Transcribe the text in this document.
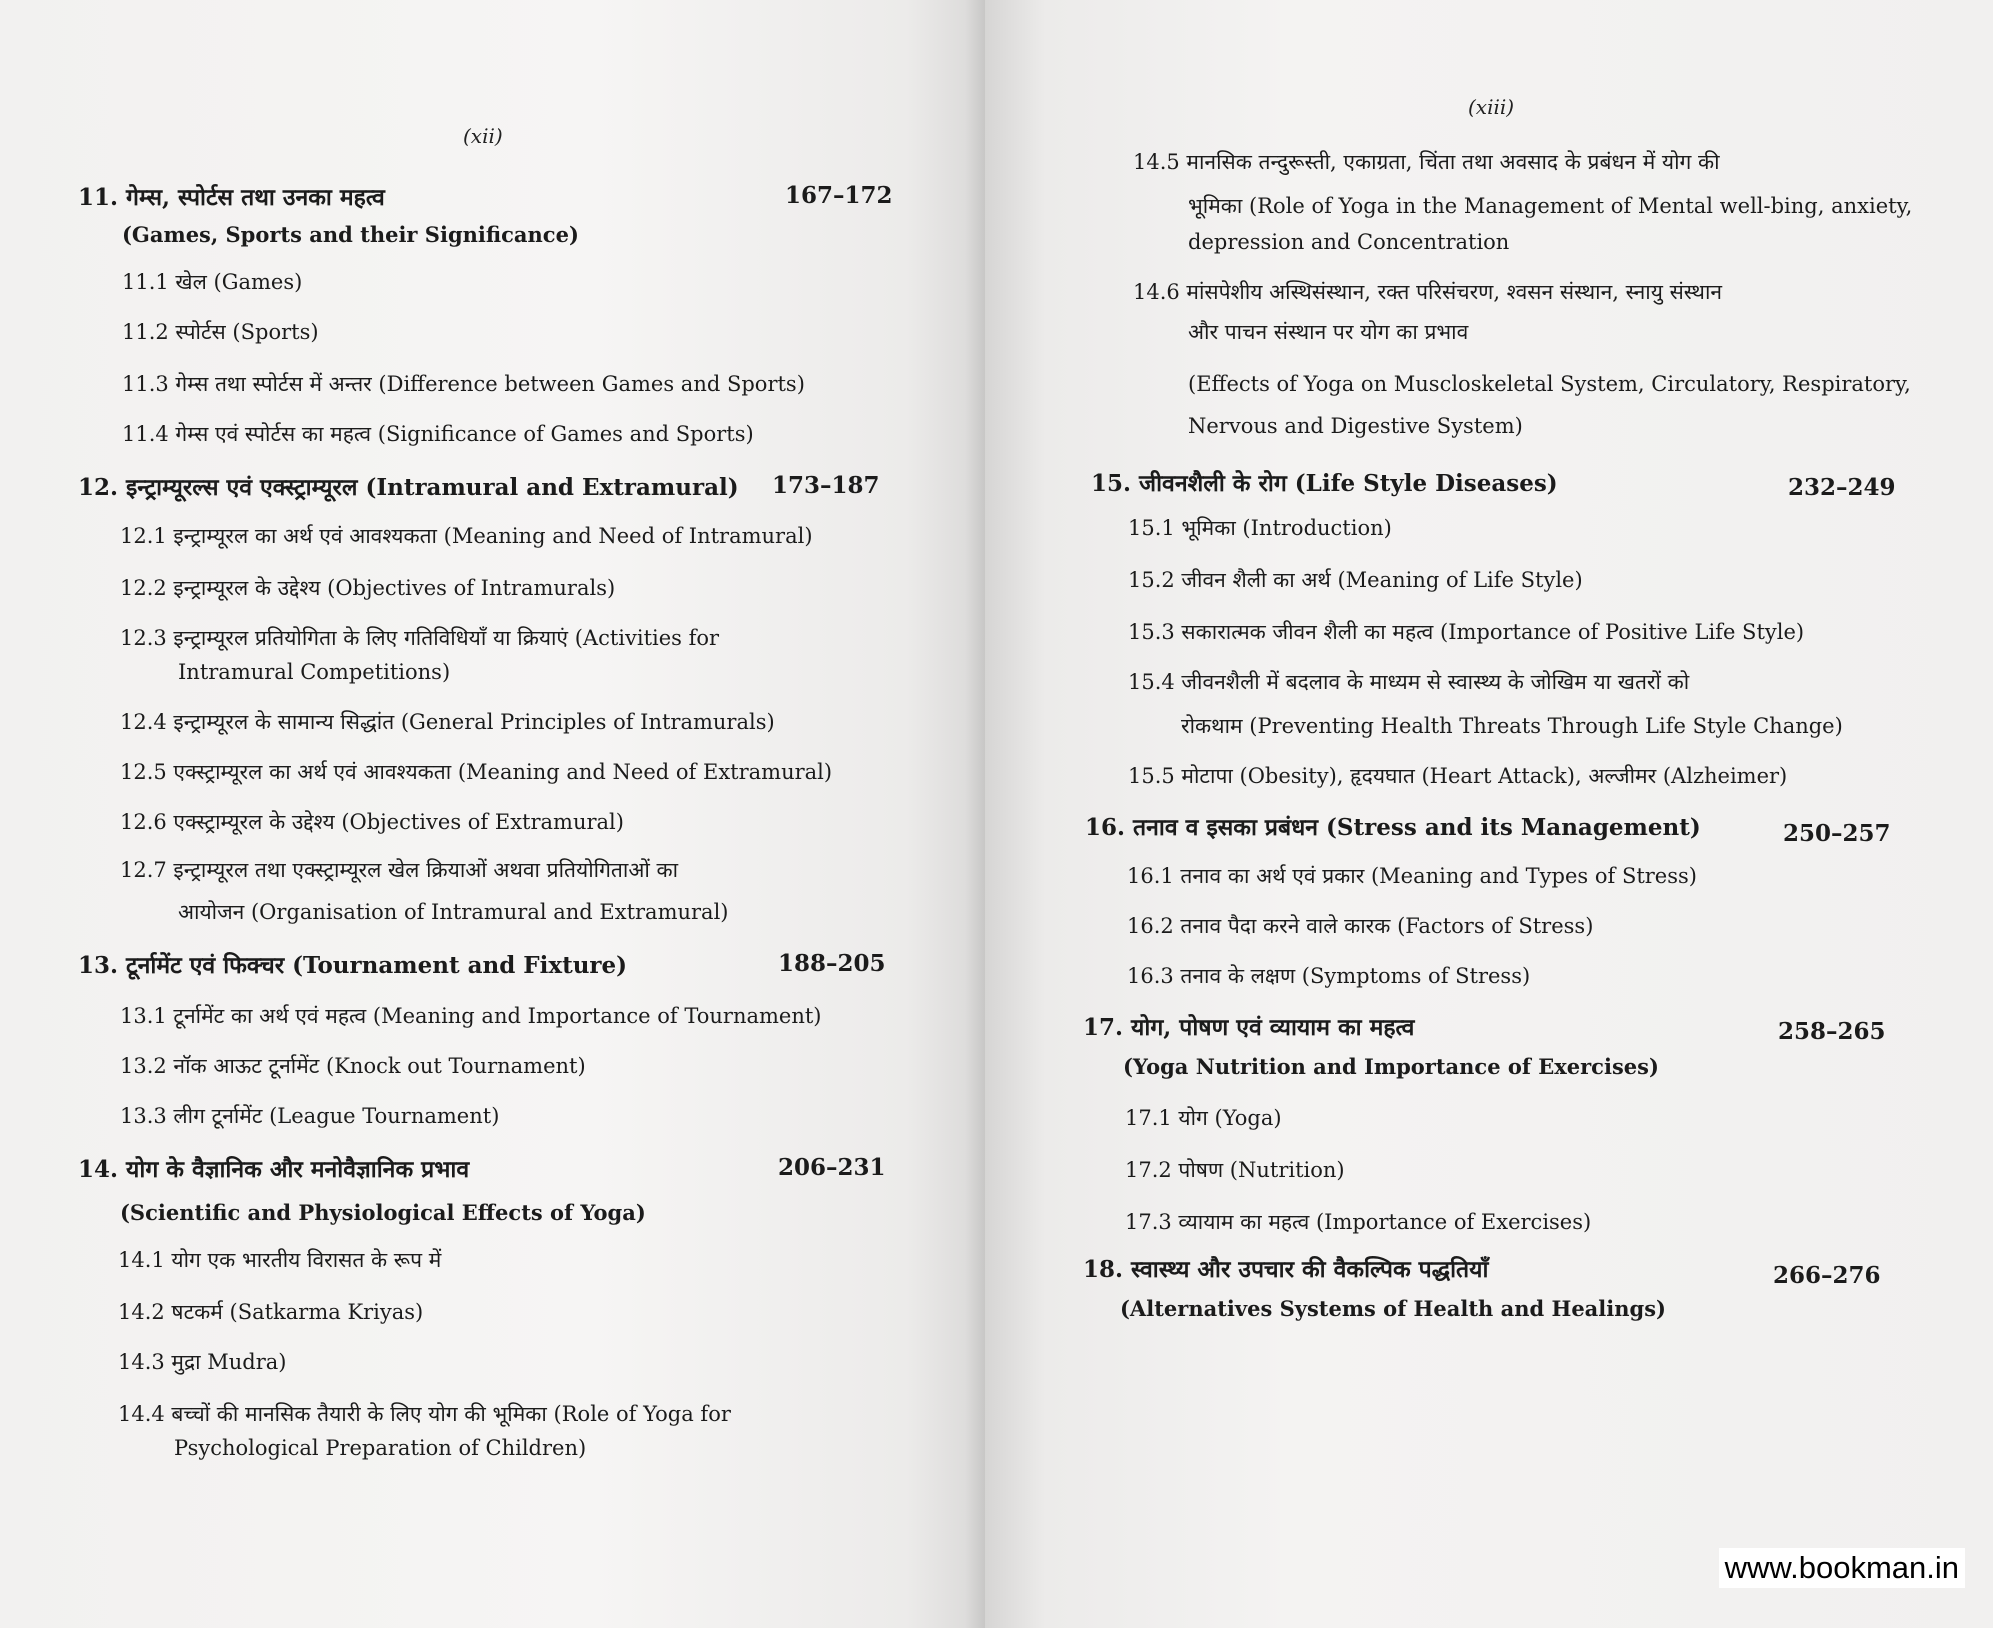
(xii)
11. गेम्स, स्पोर्टस तथा उनका महत्व	167–172
(Games, Sports and their Significance)
11.1 खेल (Games)
11.2 स्पोर्टस (Sports)
11.3 गेम्स तथा स्पोर्टस में अन्तर (Difference between Games and Sports)
11.4 गेम्स एवं स्पोर्टस का महत्व (Significance of Games and Sports)
12. इन्ट्राम्यूरल्स एवं एक्स्ट्राम्यूरल (Intramural and Extramural) 173–187
12.1 इन्ट्राम्यूरल का अर्थ एवं आवश्यकता (Meaning and Need of Intramural)
12.2 इन्ट्राम्यूरल के उद्देश्य (Objectives of Intramurals)
12.3 इन्ट्राम्यूरल प्रतियोगिता के लिए गतिविधियाँ या क्रियाएं (Activities for
Intramural Competitions)
12.4 इन्ट्राम्यूरल के सामान्य सिद्धांत (General Principles of Intramurals)
12.5 एक्स्ट्राम्यूरल का अर्थ एवं आवश्यकता (Meaning and Need of Extramural)
12.6 एक्स्ट्राम्यूरल के उद्देश्य (Objectives of Extramural)
12.7 इन्ट्राम्यूरल तथा एक्स्ट्राम्यूरल खेल क्रियाओं अथवा प्रतियोगिताओं का
आयोजन (Organisation of Intramural and Extramural)
13. टूर्नामेंट एवं फिक्चर (Tournament and Fixture)	188–205
13.1 टूर्नामेंट का अर्थ एवं महत्व (Meaning and Importance of Tournament)
13.2 नॉक आऊट टूर्नामेंट (Knock out Tournament)
13.3 लीग टूर्नामेंट (League Tournament)
14. योग के वैज्ञानिक और मनोवैज्ञानिक प्रभाव	206–231
(Scientific and Physiological Effects of Yoga)
14.1 योग एक भारतीय विरासत के रूप में
14.2 षटकर्म (Satkarma Kriyas)
14.3 मुद्रा Mudra)
14.4 बच्चों की मानसिक तैयारी के लिए योग की भूमिका (Role of Yoga for
Psychological Preparation of Children)
(xiii)
14.5 मानसिक तन्दुरूस्ती, एकाग्रता, चिंता तथा अवसाद के प्रबंधन में योग की
भूमिका (Role of Yoga in the Management of Mental well-bing, anxiety,
depression and Concentration
14.6 मांसपेशीय अस्थिसंस्थान, रक्त परिसंचरण, श्वसन संस्थान, स्नायु संस्थान
और पाचन संस्थान पर योग का प्रभाव
(Effects of Yoga on Muscloskeletal System, Circulatory, Respiratory,
Nervous and Digestive System)
15. जीवनशैली के रोग (Life Style Diseases)	232–249
15.1 भूमिका (Introduction)
15.2 जीवन शैली का अर्थ (Meaning of Life Style)
15.3 सकारात्मक जीवन शैली का महत्व (Importance of Positive Life Style)
15.4 जीवनशैली में बदलाव के माध्यम से स्वास्थ्य के जोखिम या खतरों को
रोकथाम (Preventing Health Threats Through Life Style Change)
15.5 मोटापा (Obesity), हृदयघात (Heart Attack), अल्जीमर (Alzheimer)
16. तनाव व इसका प्रबंधन (Stress and its Management)	250–257
16.1 तनाव का अर्थ एवं प्रकार (Meaning and Types of Stress)
16.2 तनाव पैदा करने वाले कारक (Factors of Stress)
16.3 तनाव के लक्षण (Symptoms of Stress)
17. योग, पोषण एवं व्यायाम का महत्व	258–265
(Yoga Nutrition and Importance of Exercises)
17.1 योग (Yoga)
17.2 पोषण (Nutrition)
17.3 व्यायाम का महत्व (Importance of Exercises)
18. स्वास्थ्य और उपचार की वैकल्पिक पद्धतियाँ	266–276
(Alternatives Systems of Health and Healings)
www.bookman.in
